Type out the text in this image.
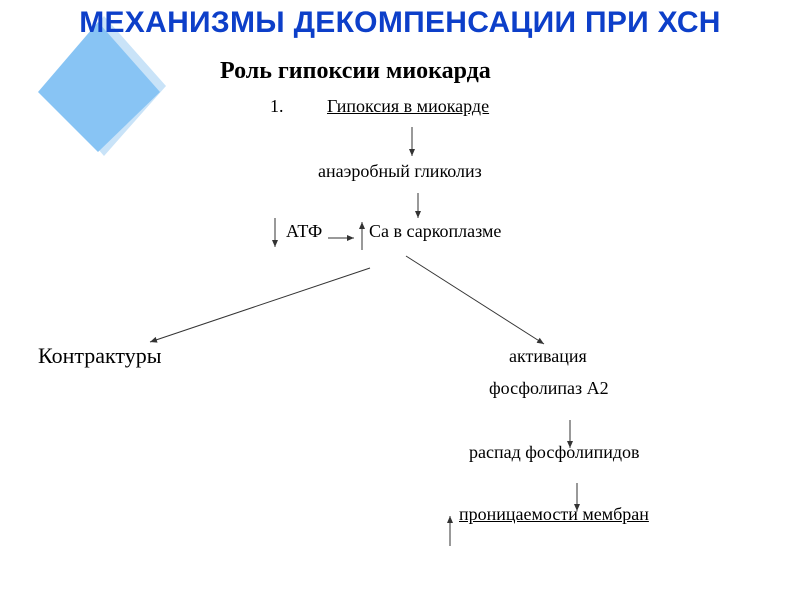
МЕХАНИЗМЫ ДЕКОМПЕНСАЦИИ ПРИ ХСН
Роль гипоксии миокарда
1. Гипоксия в миокарде
анаэробный гликолиз
АТФ	Са в саркоплазме
Контрактуры	активация
фосфолипаз А2
распад фосфолипидов
проницаемости мембран
